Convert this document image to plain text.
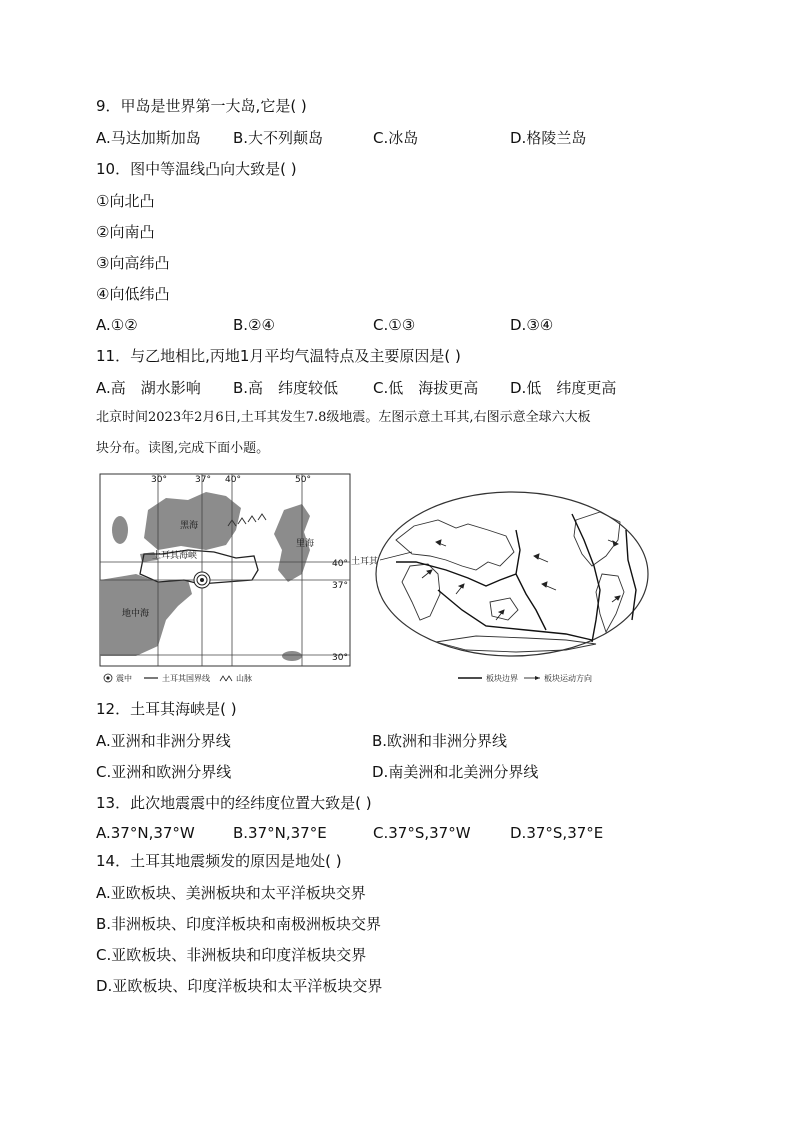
9．甲岛是世界第一大岛,它是( )
A.马达加斯加岛 B.大不列颠岛	C.冰岛	D.格陵兰岛
10．图中等温线凸向大致是( )
①向北凸
②向南凸
③向高纬凸
④向低纬凸
A.①②	B.②④	C.①③	D.③④
11．与乙地相比,丙地1月平均气温特点及主要原因是( )
A.高　湖水影响 B.高　纬度较低 C.低　海拔更高 D.低　纬度更高
北京时间2023年2月6日,土耳其发生7.8级地震。左图示意土耳其,右图示意全球六大板
块分布。读图,完成下面小题。
30°	37° 40°	50°
40°
37°
30°
黑海
里海
土耳其海峡
地中海
震中	土耳其国界线	山脉
土耳其
板块边界	板块运动方向
12．土耳其海峡是( )
A.亚洲和非洲分界线	B.欧洲和非洲分界线
C.亚洲和欧洲分界线	D.南美洲和北美洲分界线
13．此次地震震中的经纬度位置大致是( )
A.37°N,37°W	B.37°N,37°E	C.37°S,37°W	D.37°S,37°E
14．土耳其地震频发的原因是地处( )
A.亚欧板块、美洲板块和太平洋板块交界
B.非洲板块、印度洋板块和南极洲板块交界
C.亚欧板块、非洲板块和印度洋板块交界
D.亚欧板块、印度洋板块和太平洋板块交界
